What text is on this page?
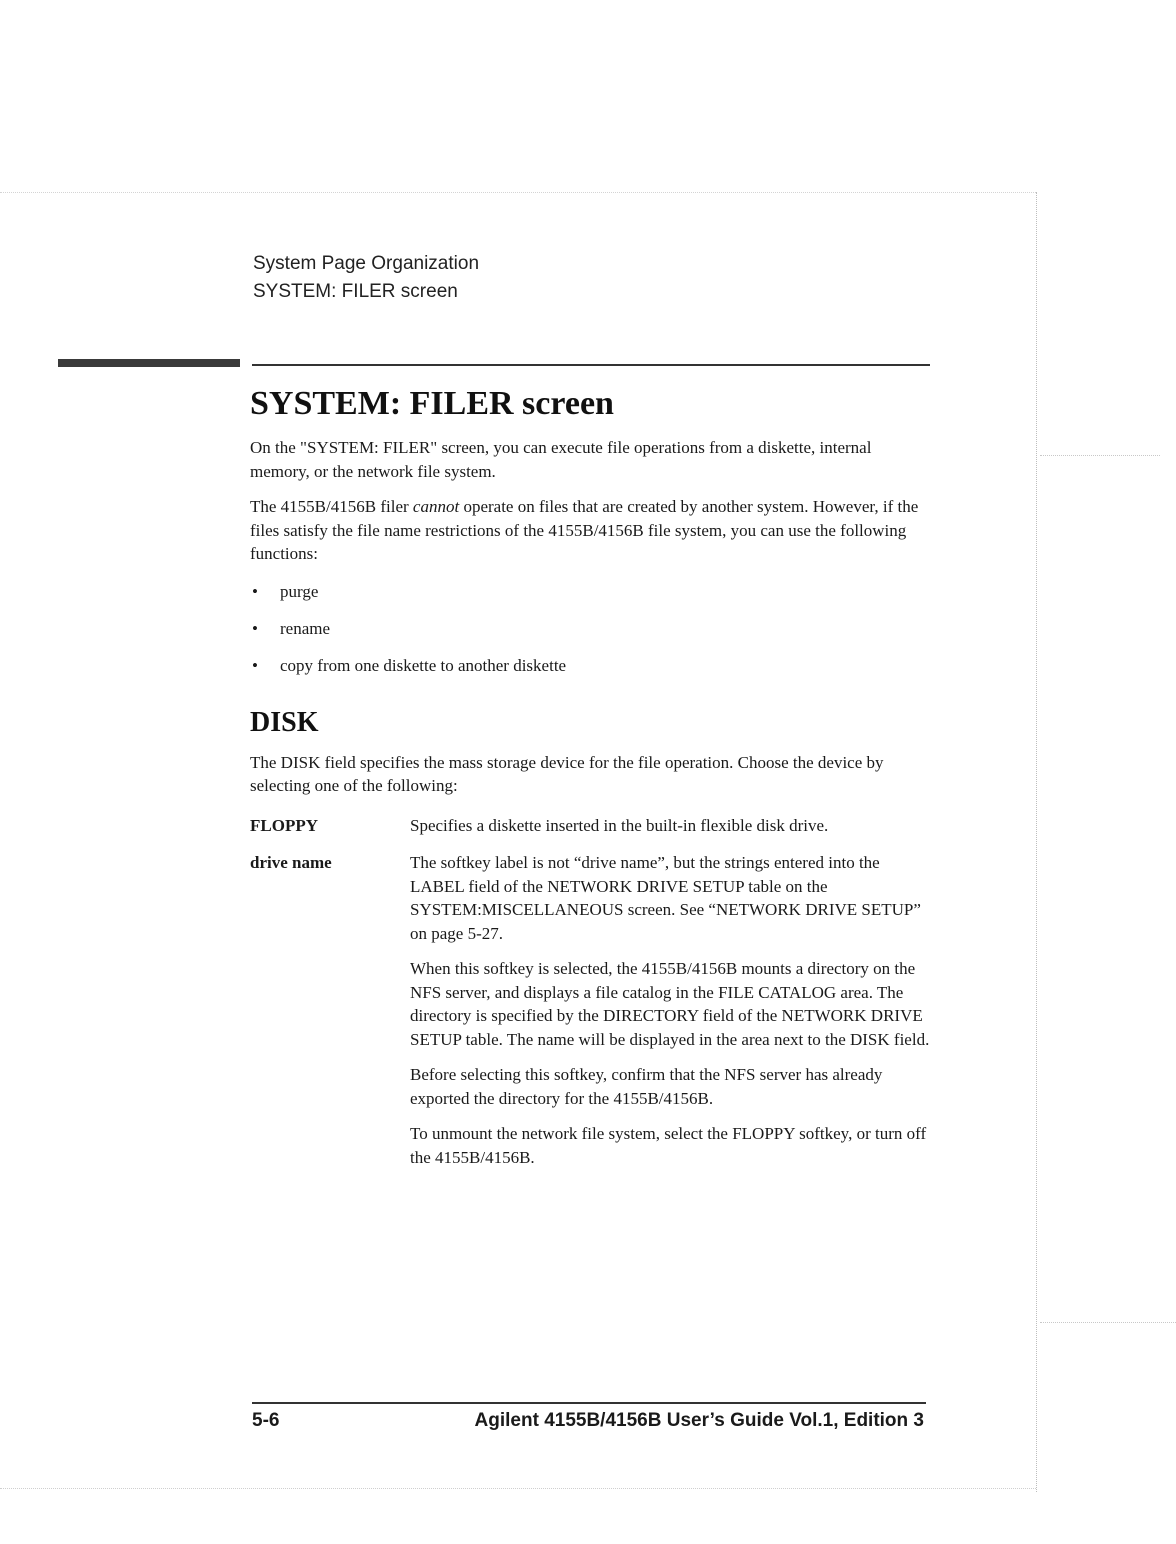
System Page Organization
SYSTEM: FILER screen
SYSTEM: FILER screen

On the "SYSTEM: FILER" screen, you can execute file operations from a diskette, internal memory, or the network file system.

The 4155B/4156B filer cannot operate on files that are created by another system. However, if the files satisfy the file name restrictions of the 4155B/4156B file system, you can use the following functions:

• purge
• rename
• copy from one diskette to another diskette
DISK

The DISK field specifies the mass storage device for the file operation. Choose the device by selecting one of the following:

FLOPPY	Specifies a diskette inserted in the built-in flexible disk drive.
drive name	The softkey label is not “drive name”, but the strings entered into the LABEL field of the NETWORK DRIVE SETUP table on the SYSTEM:MISCELLANEOUS screen. See “NETWORK DRIVE SETUP” on page 5-27.

When this softkey is selected, the 4155B/4156B mounts a directory on the NFS server, and displays a file catalog in the FILE CATALOG area. The directory is specified by the DIRECTORY field of the NETWORK DRIVE SETUP table. The name will be displayed in the area next to the DISK field.

Before selecting this softkey, confirm that the NFS server has already exported the directory for the 4155B/4156B.

To unmount the network file system, select the FLOPPY softkey, or turn off the 4155B/4156B.

5-6	Agilent 4155B/4156B User’s Guide Vol.1, Edition 3
